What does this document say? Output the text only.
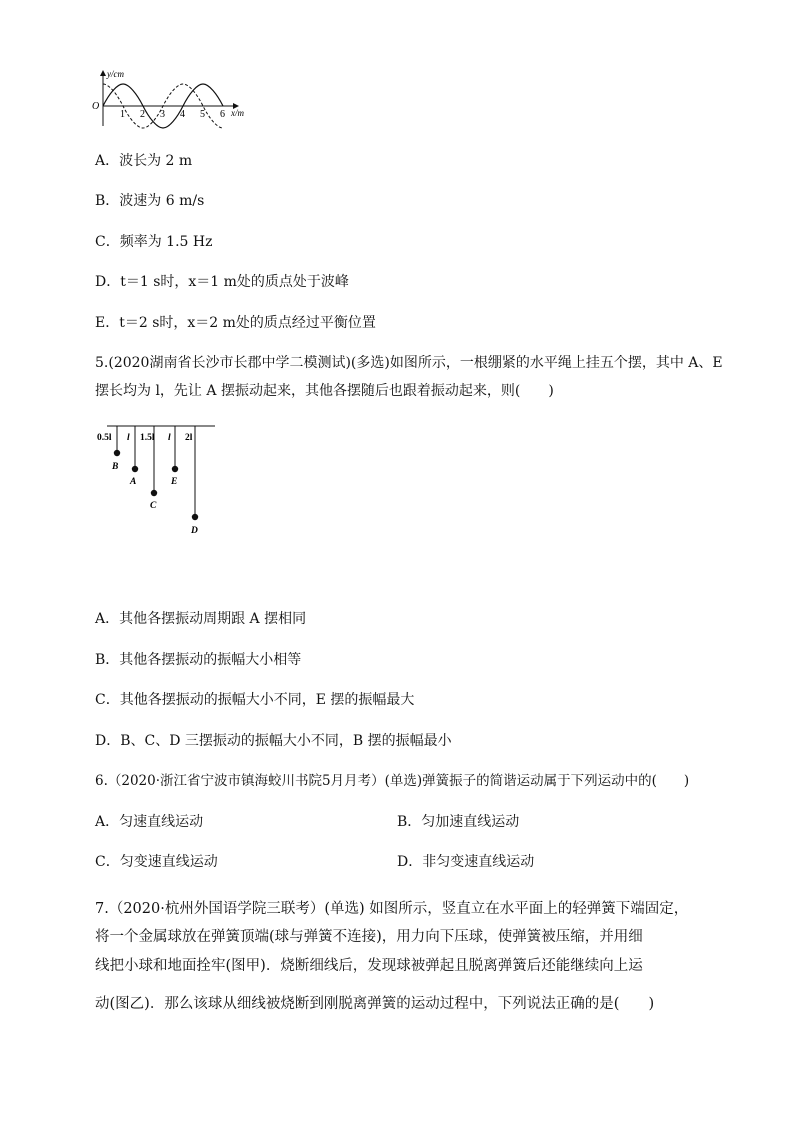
y/cm
x/m
O
1 2 3 4 5 6
A．波长为 2 m
B．波速为 6 m/s
C．频率为 1.5 Hz
D．t＝1 s时，x＝1 m处的质点处于波峰
E．t＝2 s时，x＝2 m处的质点经过平衡位置
5.(2020湖南省长沙市长郡中学二模测试)(多选)如图所示，一根绷紧的水平绳上挂五个摆，其中 A、E
摆长均为 l，先让 A 摆振动起来，其他各摆随后也跟着振动起来，则(　　)
0.5l l 1.5l l 2l
B
A
C
E
D
A．其他各摆振动周期跟 A 摆相同
B．其他各摆振动的振幅大小相等
C．其他各摆振动的振幅大小不同，E 摆的振幅最大
D．B、C、D 三摆振动的振幅大小不同，B 摆的振幅最小
6.（2020·浙江省宁波市镇海蛟川书院5月月考）(单选)弹簧振子的简谐运动属于下列运动中的(　　)
A．匀速直线运动	B．匀加速直线运动
C．匀变速直线运动	D．非匀变速直线运动
7.（2020·杭州外国语学院三联考）(单选) 如图所示，竖直立在水平面上的轻弹簧下端固定，
将一个金属球放在弹簧顶端(球与弹簧不连接)，用力向下压球，使弹簧被压缩，并用细
线把小球和地面拴牢(图甲)．烧断细线后，发现球被弹起且脱离弹簧后还能继续向上运
动(图乙)．那么该球从细线被烧断到刚脱离弹簧的运动过程中，下列说法正确的是(　　)
